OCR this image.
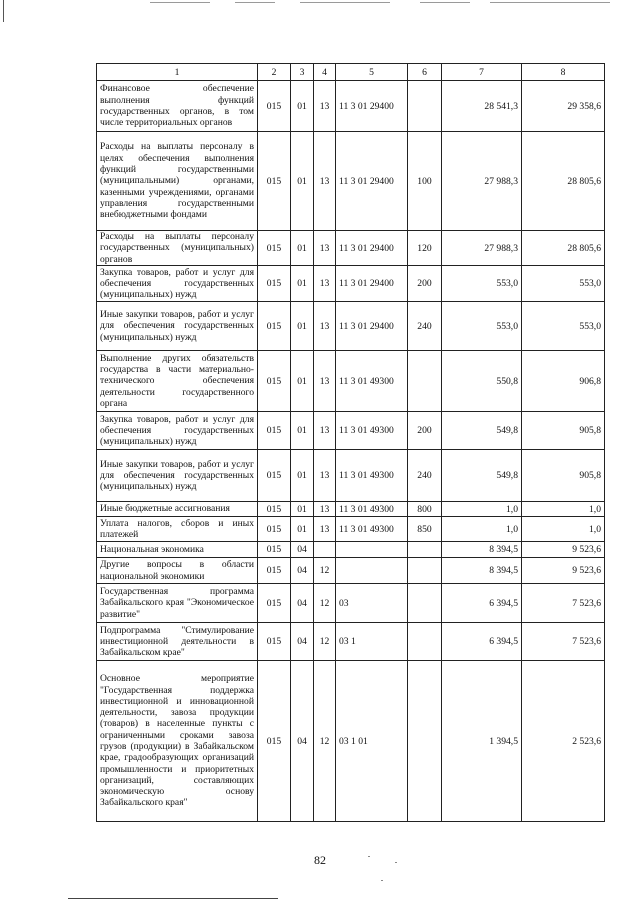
1	2	3	4	5	6	7	8
Финансовое обеспечение выполнения функций государственных органов, в том числе территориальных органов	015	01	13	11 3 01 29400		28 541,3	29 358,6
Расходы на выплаты персоналу в целях обеспечения выполнения функций государственными (муниципальными) органами, казенными учреждениями, органами управления государственными внебюджетными фондами	015	01	13	11 3 01 29400	100	27 988,3	28 805,6
Расходы на выплаты персоналу государственных (муниципальных) органов	015	01	13	11 3 01 29400	120	27 988,3	28 805,6
Закупка товаров, работ и услуг для обеспечения государственных (муниципальных) нужд	015	01	13	11 3 01 29400	200	553,0	553,0
Иные закупки товаров, работ и услуг для обеспечения государственных (муниципальных) нужд	015	01	13	11 3 01 29400	240	553,0	553,0
Выполнение других обязательств государства в части материально-технического обеспечения деятельности государственного органа	015	01	13	11 3 01 49300		550,8	906,8
Закупка товаров, работ и услуг для обеспечения государственных (муниципальных) нужд	015	01	13	11 3 01 49300	200	549,8	905,8
Иные закупки товаров, работ и услуг для обеспечения государственных (муниципальных) нужд	015	01	13	11 3 01 49300	240	549,8	905,8
Иные бюджетные ассигнования	015	01	13	11 3 01 49300	800	1,0	1,0
Уплата налогов, сборов и иных платежей	015	01	13	11 3 01 49300	850	1,0	1,0
Национальная экономика	015	04				8 394,5	9 523,6
Другие вопросы в области национальной экономики	015	04	12			8 394,5	9 523,6
Государственная программа Забайкальского края "Экономическое развитие"	015	04	12	03		6 394,5	7 523,6
Подпрограмма "Стимулирование инвестиционной деятельности в Забайкальском крае"	015	04	12	03 1		6 394,5	7 523,6
Основное мероприятие "Государственная поддержка инвестиционной и инновационной деятельности, завоза продукции (товаров) в населенные пункты с ограниченными сроками завоза грузов (продукции) в Забайкальском крае, градообразующих организаций промышленности и приоритетных организаций, составляющих экономическую основу Забайкальского края"	015	04	12	03 1 01		1 394,5	2 523,6
82
